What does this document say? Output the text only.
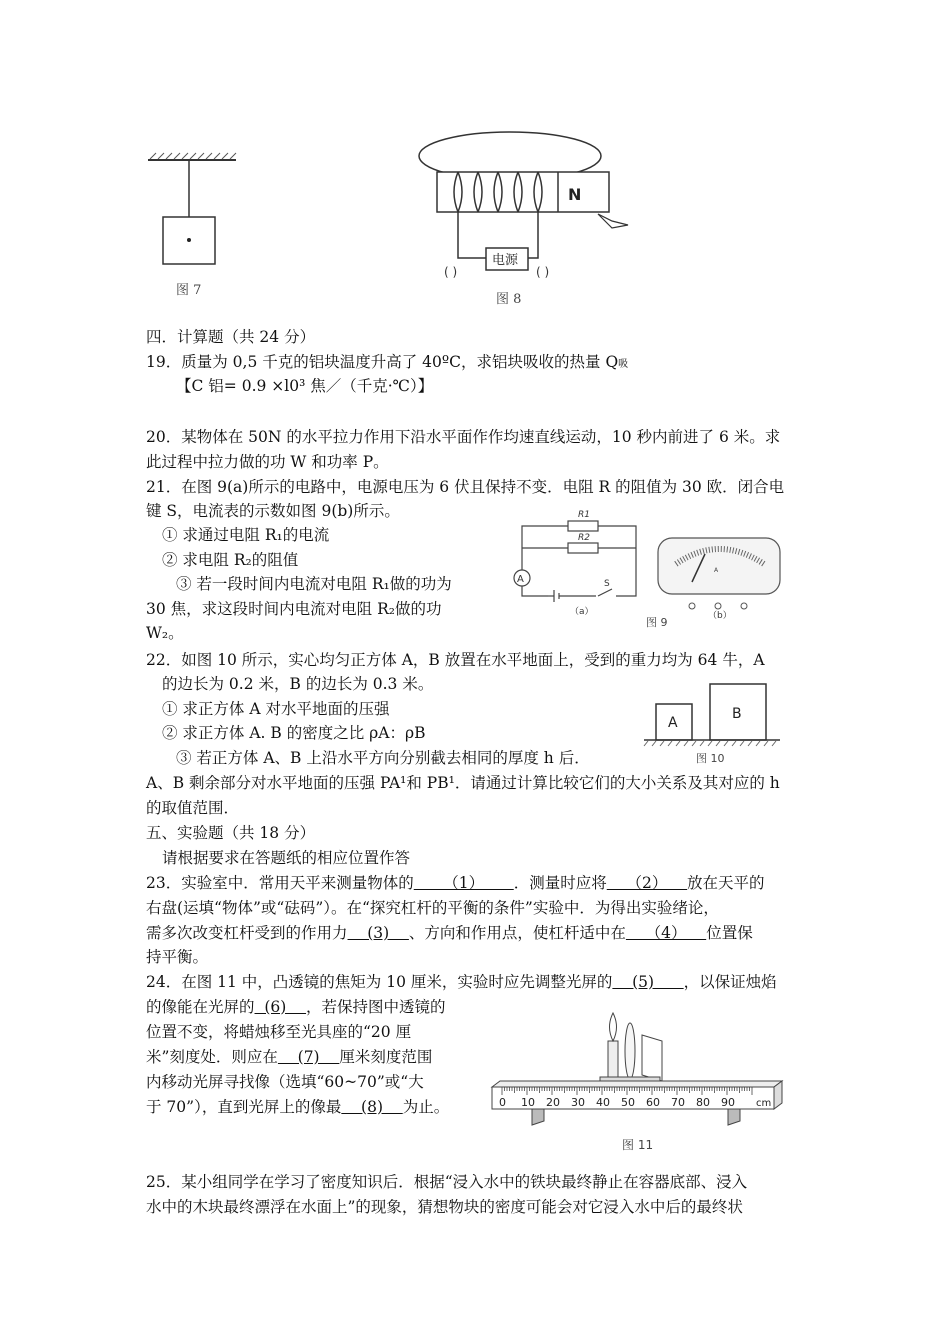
图 7
N
电源
( )	( )
图 8
四．计算题（共 24 分）
19．质量为 0,5 千克的铝块温度升高了 40ºC，求铝块吸收的热量 Q吸
【C 铝= 0.9 ×l0³ 焦／（千克·℃）】
20．某物体在 50N 的水平拉力作用下沿水平面作作均速直线运动，10 秒内前进了 6 米。求
此过程中拉力做的功 W 和功率 P。
21．在图 9(a)所示的电路中，电源电压为 6 伏且保持不变．电阻 R 的阻值为 30 欧．闭合电
键 S，电流表的示数如图 9(b)所示。
① 求通过电阻 R₁的电流
② 求电阻 R₂的阻值
③ 若一段时间内电流对电阻 R₁做的功为
30 焦，求这段时间内电流对电阻 R₂做的功
W₂。
A
R1
R2
S
（a）
A
（b）
图 9
22．如图 10 所示，实心均匀正方体 A，B 放置在水平地面上，受到的重力均为 64 牛，A
的边长为 0.2 米，B 的边长为 0.3 米。
① 求正方体 A 对水平地面的压强
② 求正方体 A. B 的密度之比 ρA：ρB
③ 若正方体 A、B 上沿水平方向分别截去相同的厚度 h 后．
A、B 剩余部分对水平地面的压强 PA¹和 PB¹．请通过计算比较它们的大小关系及其对应的 h
的取值范围．
A
B
图 10
五、实验题（共 18 分）
请根据要求在答题纸的相应位置作答
23．实验室中．常用天平来测量物体的      （1）      ．测量时应将    （2）    放在天平的
右盘(运填“物体”或“砝码”）。在“探究杠杆的平衡的条件”实验中．为得出实验绪论，
需多次改变杠杆受到的作用力    (3)    、方向和作用点，使杠杆适中在    （4）    位置保
持平衡。
24．在图 11 中，凸透镜的焦矩为 10 厘米，实验时应先调整光屏的    (5)      ，以保证烛焰
的像能在光屏的  (6)    ，若保持图中透镜的
位置不变，将蜡烛移至光具座的“20 厘
米”刻度处．则应在    (7)    厘米刻度范围
内移动光屏寻找像（选填“60~70”或“大
于 70”），直到光屏上的像最    (8)    为止。	0 10 20 30 40 50 60 70 80 90 cm
图 11
25．某小组同学在学习了密度知识后．根据“浸入水中的铁块最终静止在容器底部、浸入
水中的木块最终漂浮在水面上”的现象，猜想物块的密度可能会对它浸入水中后的最终状
